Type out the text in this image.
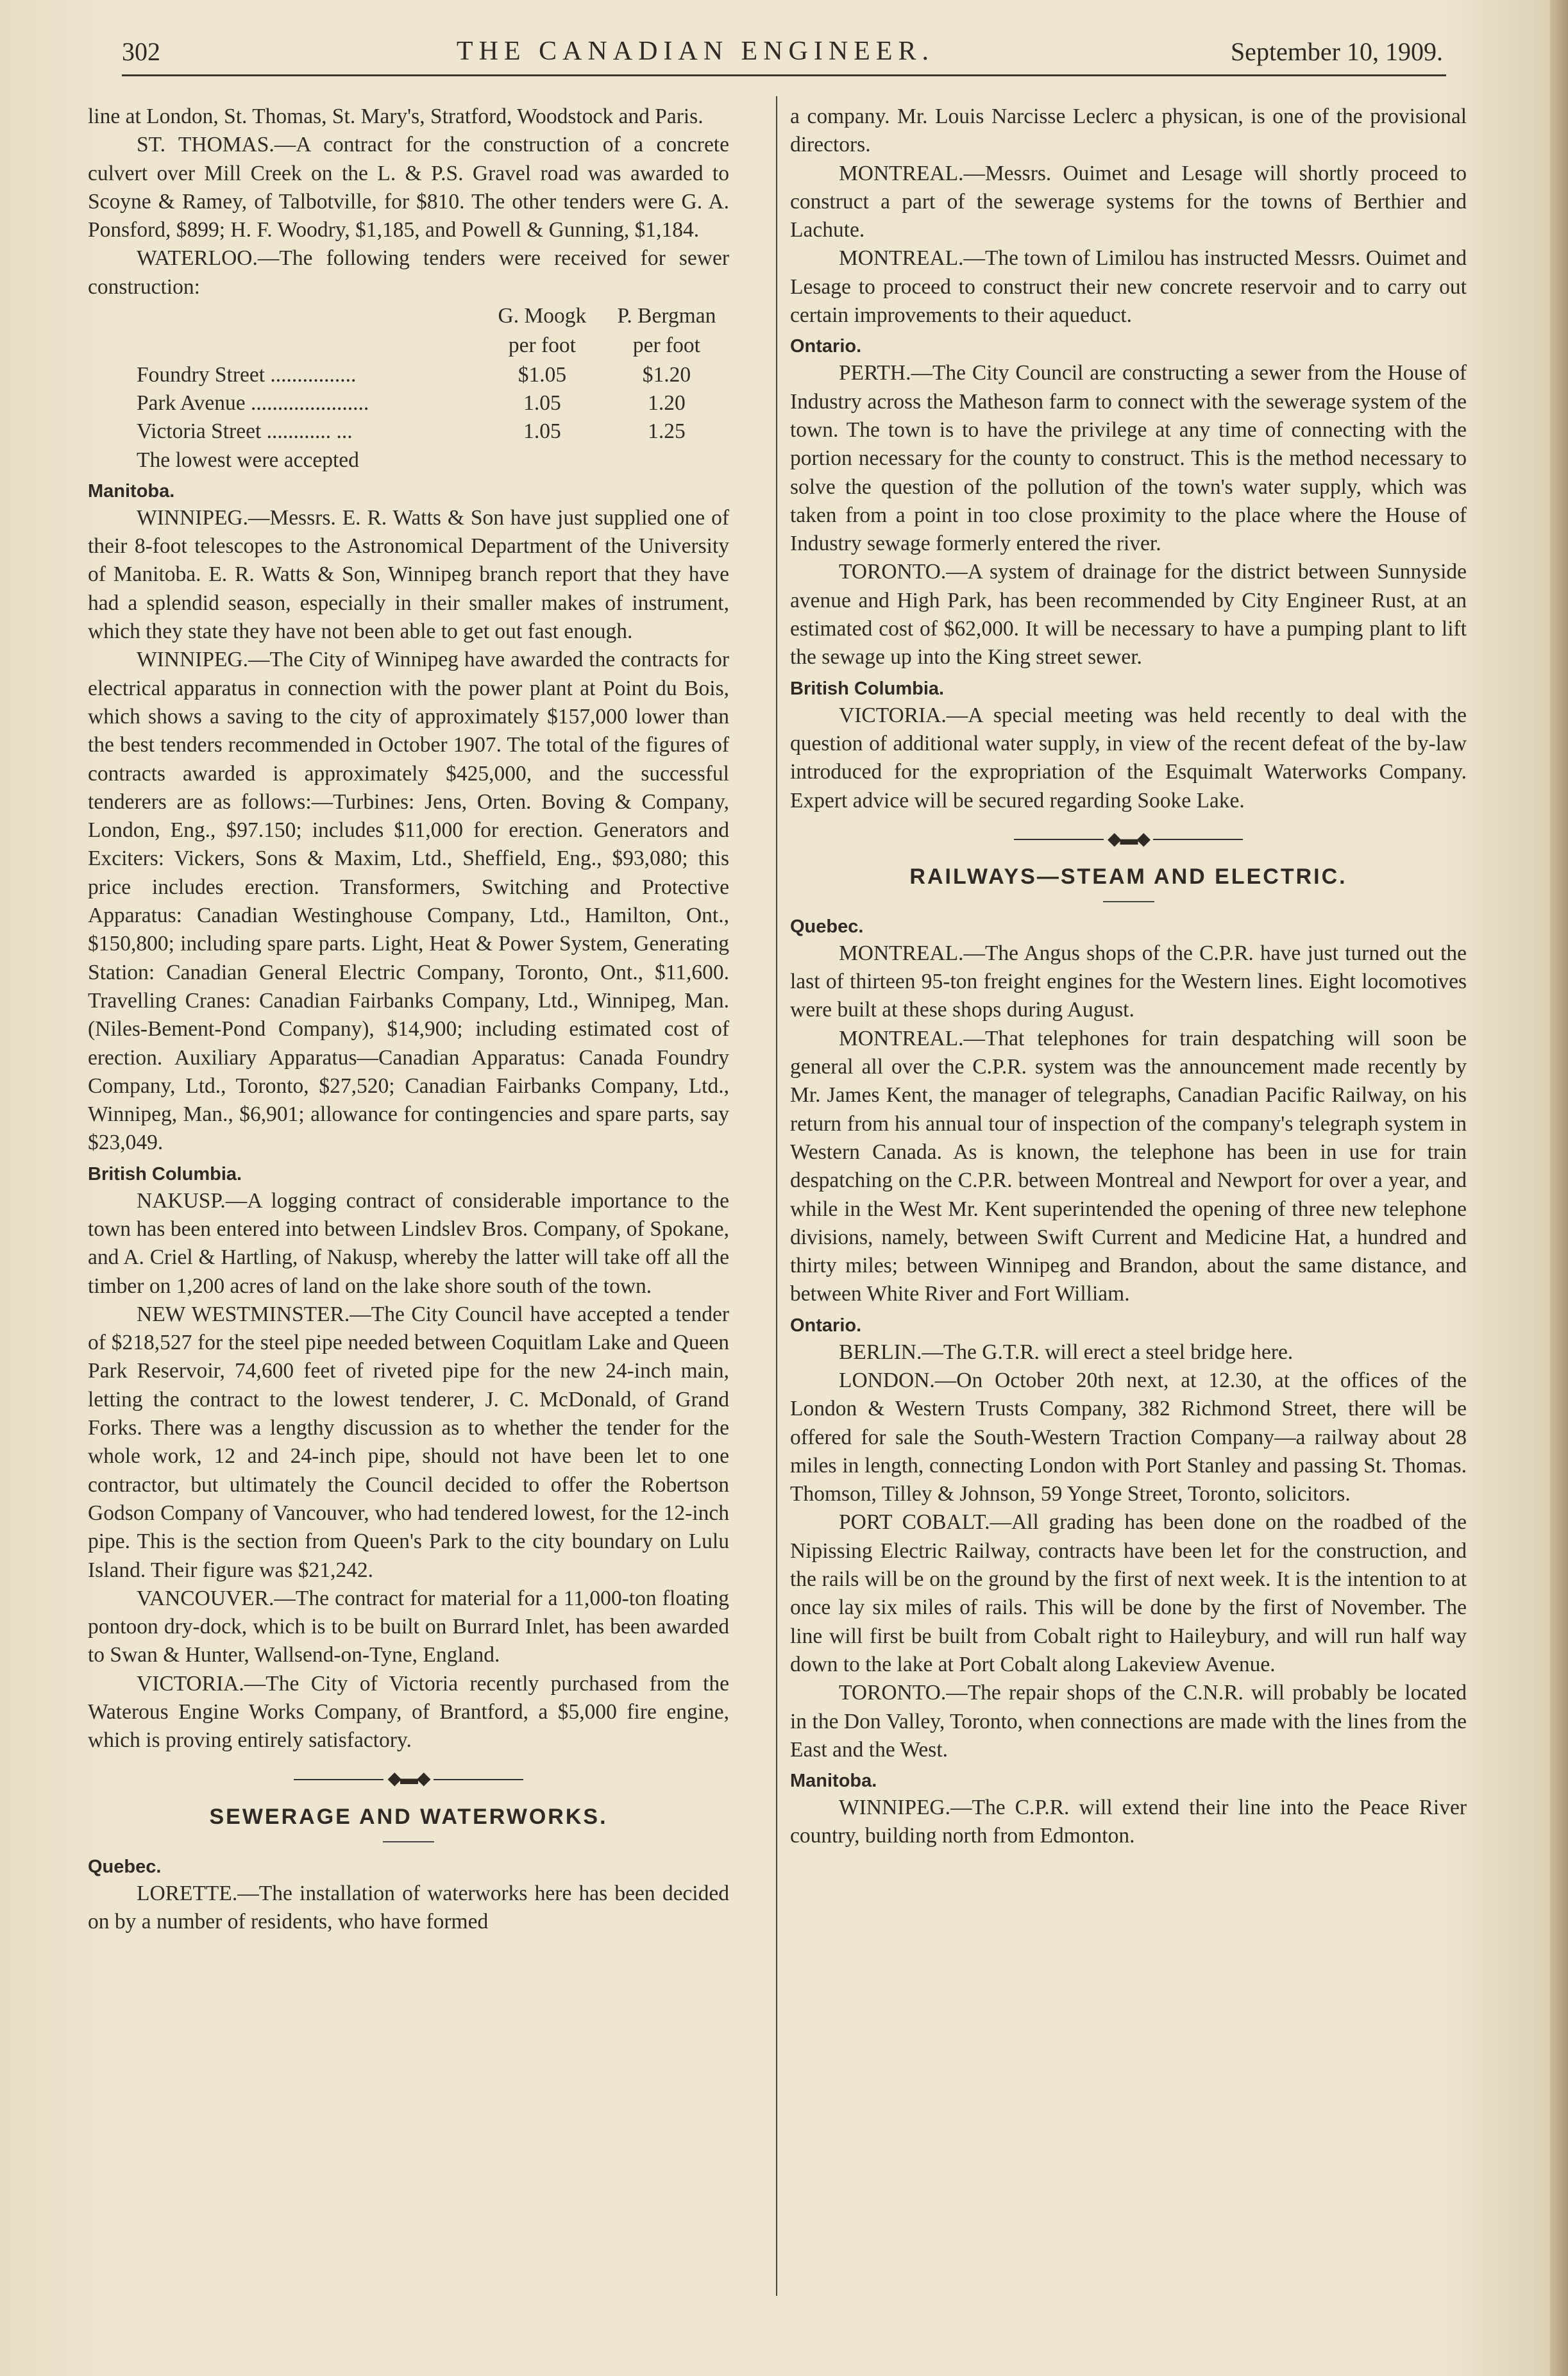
302	THE CANADIAN ENGINEER.	September 10, 1909.

line at London, St. Thomas, St. Mary's, Stratford, Woodstock and Paris.

ST. THOMAS.—A contract for the construction of a concrete culvert over Mill Creek on the L. & P.S. Gravel road was awarded to Scoyne & Ramey, of Talbotville, for $810. The other tenders were G. A. Ponsford, $899; H. F. Woodry, $1,185, and Powell & Gunning, $1,184.

WATERLOO.—The following tenders were received for sewer construction:

	G. Moogk	P. Bergman
	per foot	per foot
Foundry Street ................	$1.05	$1.20
Park Avenue ......................	1.05	1.20
Victoria Street ............ ...	1.05	1.25
The lowest were accepted
Manitoba.

WINNIPEG.—Messrs. E. R. Watts & Son have just supplied one of their 8-foot telescopes to the Astronomical Department of the University of Manitoba. E. R. Watts & Son, Winnipeg branch report that they have had a splendid season, especially in their smaller makes of instrument, which they state they have not been able to get out fast enough.

WINNIPEG.—The City of Winnipeg have awarded the contracts for electrical apparatus in connection with the power plant at Point du Bois, which shows a saving to the city of approximately $157,000 lower than the best tenders recommended in October 1907. The total of the figures of contracts awarded is approximately $425,000, and the successful tenderers are as follows:—Turbines: Jens, Orten. Boving & Company, London, Eng., $97.150; includes $11,000 for erection. Generators and Exciters: Vickers, Sons & Maxim, Ltd., Sheffield, Eng., $93,080; this price includes erection. Transformers, Switching and Protective Apparatus: Canadian Westinghouse Company, Ltd., Hamilton, Ont., $150,800; including spare parts. Light, Heat & Power System, Generating Station: Canadian General Electric Company, Toronto, Ont., $11,600. Travelling Cranes: Canadian Fairbanks Company, Ltd., Winnipeg, Man. (Niles-Bement-Pond Company), $14,900; including estimated cost of erection. Auxiliary Apparatus—Canadian Apparatus: Canada Foundry Company, Ltd., Toronto, $27,520; Canadian Fairbanks Company, Ltd., Winnipeg, Man., $6,901; allowance for contingencies and spare parts, say $23,049.

British Columbia.

NAKUSP.—A logging contract of considerable importance to the town has been entered into between Lindslev Bros. Company, of Spokane, and A. Criel & Hartling, of Nakusp, whereby the latter will take off all the timber on 1,200 acres of land on the lake shore south of the town.

NEW WESTMINSTER.—The City Council have accepted a tender of $218,527 for the steel pipe needed between Coquitlam Lake and Queen Park Reservoir, 74,600 feet of riveted pipe for the new 24-inch main, letting the contract to the lowest tenderer, J. C. McDonald, of Grand Forks. There was a lengthy discussion as to whether the tender for the whole work, 12 and 24-inch pipe, should not have been let to one contractor, but ultimately the Council decided to offer the Robertson Godson Company of Vancouver, who had tendered lowest, for the 12-inch pipe. This is the section from Queen's Park to the city boundary on Lulu Island. Their figure was $21,242.

VANCOUVER.—The contract for material for a 11,000-ton floating pontoon dry-dock, which is to be built on Burrard Inlet, has been awarded to Swan & Hunter, Wallsend-on-Tyne, England.

VICTORIA.—The City of Victoria recently purchased from the Waterous Engine Works Company, of Brantford, a $5,000 fire engine, which is proving entirely satisfactory.

◆▬◆
SEWERAGE AND WATERWORKS.
Quebec.

LORETTE.—The installation of waterworks here has been decided on by a number of residents, who have formed

a company. Mr. Louis Narcisse Leclerc a physican, is one of the provisional directors.

MONTREAL.—Messrs. Ouimet and Lesage will shortly proceed to construct a part of the sewerage systems for the towns of Berthier and Lachute.

MONTREAL.—The town of Limilou has instructed Messrs. Ouimet and Lesage to proceed to construct their new concrete reservoir and to carry out certain improvements to their aqueduct.

Ontario.

PERTH.—The City Council are constructing a sewer from the House of Industry across the Matheson farm to connect with the sewerage system of the town. The town is to have the privilege at any time of connecting with the portion necessary for the county to construct. This is the method necessary to solve the question of the pollution of the town's water supply, which was taken from a point in too close proximity to the place where the House of Industry sewage formerly entered the river.

TORONTO.—A system of drainage for the district between Sunnyside avenue and High Park, has been recommended by City Engineer Rust, at an estimated cost of $62,000. It will be necessary to have a pumping plant to lift the sewage up into the King street sewer.

British Columbia.

VICTORIA.—A special meeting was held recently to deal with the question of additional water supply, in view of the recent defeat of the by-law introduced for the expropriation of the Esquimalt Waterworks Company. Expert advice will be secured regarding Sooke Lake.

◆▬◆
RAILWAYS—STEAM AND ELECTRIC.
Quebec.

MONTREAL.—The Angus shops of the C.P.R. have just turned out the last of thirteen 95-ton freight engines for the Western lines. Eight locomotives were built at these shops during August.

MONTREAL.—That telephones for train despatching will soon be general all over the C.P.R. system was the announcement made recently by Mr. James Kent, the manager of telegraphs, Canadian Pacific Railway, on his return from his annual tour of inspection of the company's telegraph system in Western Canada. As is known, the telephone has been in use for train despatching on the C.P.R. between Montreal and Newport for over a year, and while in the West Mr. Kent superintended the opening of three new telephone divisions, namely, between Swift Current and Medicine Hat, a hundred and thirty miles; between Winnipeg and Brandon, about the same distance, and between White River and Fort William.

Ontario.

BERLIN.—The G.T.R. will erect a steel bridge here.

LONDON.—On October 20th next, at 12.30, at the offices of the London & Western Trusts Company, 382 Richmond Street, there will be offered for sale the South-Western Traction Company—a railway about 28 miles in length, connecting London with Port Stanley and passing St. Thomas. Thomson, Tilley & Johnson, 59 Yonge Street, Toronto, solicitors.

PORT COBALT.—All grading has been done on the roadbed of the Nipissing Electric Railway, contracts have been let for the construction, and the rails will be on the ground by the first of next week. It is the intention to at once lay six miles of rails. This will be done by the first of November. The line will first be built from Cobalt right to Haileybury, and will run half way down to the lake at Port Cobalt along Lakeview Avenue.

TORONTO.—The repair shops of the C.N.R. will probably be located in the Don Valley, Toronto, when connections are made with the lines from the East and the West.

Manitoba.

WINNIPEG.—The C.P.R. will extend their line into the Peace River country, building north from Edmonton.
